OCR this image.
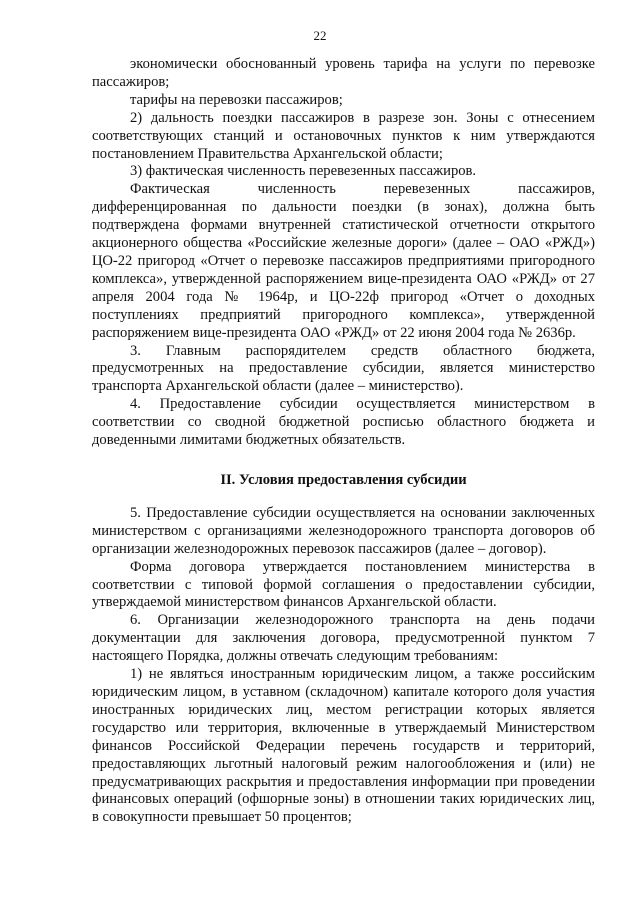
22

экономически обоснованный уровень тарифа на услуги по перевозке пассажиров;

тарифы на перевозки пассажиров;

2) дальность поездки пассажиров в разрезе зон. Зоны с отнесением соответствующих станций и остановочных пунктов к ним утверждаются постановлением Правительства Архангельской области;

3) фактическая численность перевезенных пассажиров.

Фактическая численность перевезенных пассажиров, дифференцированная по дальности поездки (в зонах), должна быть подтверждена формами внутренней статистической отчетности открытого акционерного общества «Российские железные дороги» (далее – ОАО «РЖД») ЦО-22 пригород «Отчет о перевозке пассажиров предприятиями пригородного комплекса», утвержденной распоряжением вице-президента ОАО «РЖД» от 27 апреля 2004 года № 1964р, и ЦО-22ф пригород «Отчет о доходных поступлениях предприятий пригородного комплекса», утвержденной распоряжением вице-президента ОАО «РЖД» от 22 июня 2004 года № 2636р.

3. Главным распорядителем средств областного бюджета, предусмотренных на предоставление субсидии, является министерство транспорта Архангельской области (далее – министерство).

4. Предоставление субсидии осуществляется министерством в соответствии со сводной бюджетной росписью областного бюджета и доведенными лимитами бюджетных обязательств.

II. Условия предоставления субсидии

5. Предоставление субсидии осуществляется на основании заключенных министерством с организациями железнодорожного транспорта договоров об организации железнодорожных перевозок пассажиров (далее – договор).

Форма договора утверждается постановлением министерства в соответствии с типовой формой соглашения о предоставлении субсидии, утверждаемой министерством финансов Архангельской области.

6. Организации железнодорожного транспорта на день подачи документации для заключения договора, предусмотренной пунктом 7 настоящего Порядка, должны отвечать следующим требованиям:

1) не являться иностранным юридическим лицом, а также российским юридическим лицом, в уставном (складочном) капитале которого доля участия иностранных юридических лиц, местом регистрации которых является государство или территория, включенные в утверждаемый Министерством финансов Российской Федерации перечень государств и территорий, предоставляющих льготный налоговый режим налогообложения и (или) не предусматривающих раскрытия и предоставления информации при проведении финансовых операций (офшорные зоны) в отношении таких юридических лиц, в совокупности превышает 50 процентов;
